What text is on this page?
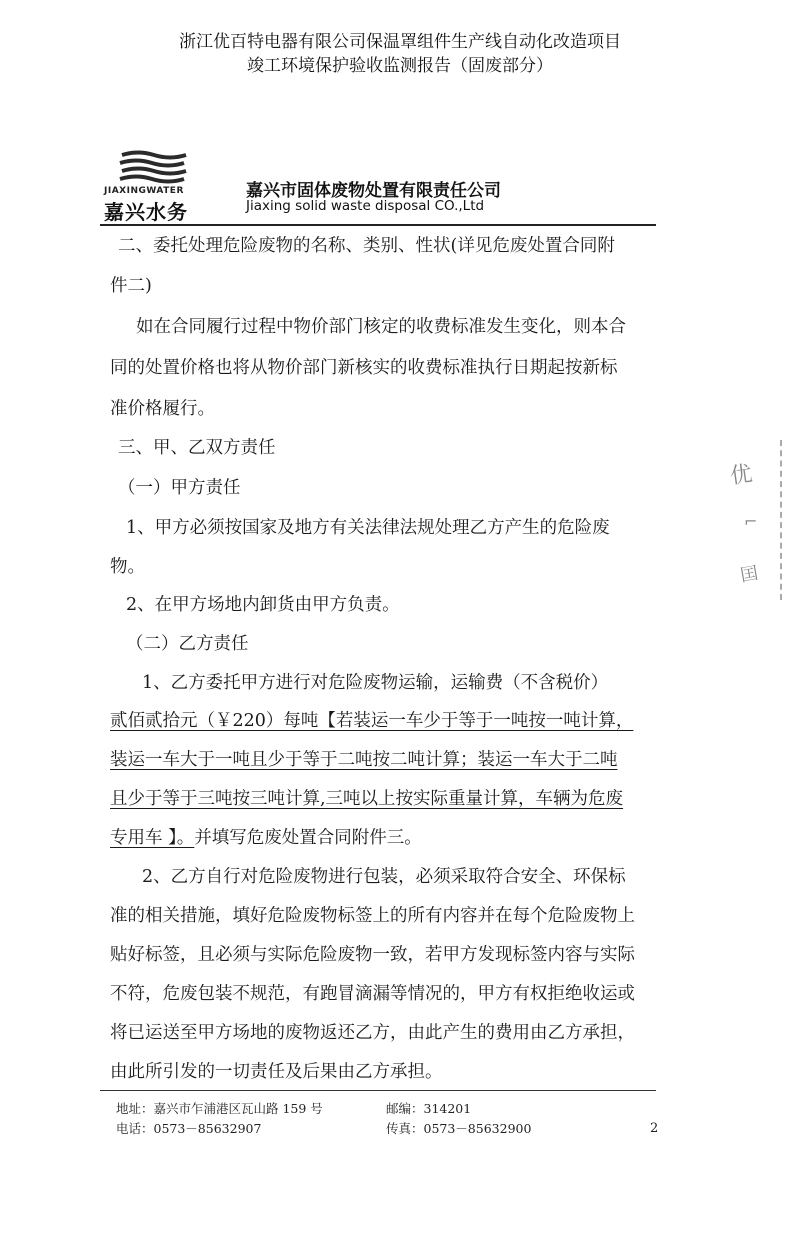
浙江优百特电器有限公司保温罩组件生产线自动化改造项目
竣工环境保护验收监测报告（固废部分）
JIAXINGWATER
嘉兴水务
嘉兴市固体废物处置有限责任公司
Jiaxing solid waste disposal CO.,Ltd
二、委托处理危险废物的名称、类别、性状(详见危废处置合同附
件二)
如在合同履行过程中物价部门核定的收费标准发生变化，则本合
同的处置价格也将从物价部门新核实的收费标准执行日期起按新标
准价格履行。
三、甲、乙双方责任
（一）甲方责任
1、甲方必须按国家及地方有关法律法规处理乙方产生的危险废
物。
2、在甲方场地内卸货由甲方负责。
（二）乙方责任
1、乙方委托甲方进行对危险废物运输，运输费（不含税价）
贰佰贰拾元（￥220）每吨【若装运一车少于等于一吨按一吨计算，
装运一车大于一吨且少于等于二吨按二吨计算；装运一车大于二吨
且少于等于三吨按三吨计算,三吨以上按实际重量计算，车辆为危废
专用车 】。并填写危废处置合同附件三。
2、乙方自行对危险废物进行包装，必须采取符合安全、环保标
准的相关措施，填好危险废物标签上的所有内容并在每个危险废物上
贴好标签，且必须与实际危险废物一致，若甲方发现标签内容与实际
不符，危废包装不规范，有跑冒滴漏等情况的，甲方有权拒绝收运或
将已运送至甲方场地的废物返还乙方，由此产生的费用由乙方承担，
由此所引发的一切责任及后果由乙方承担。
地址：嘉兴市乍浦港区瓦山路 159 号	邮编：314201
电话：0573－85632907	传真：0573－85632900	2
优
⌐
囯
